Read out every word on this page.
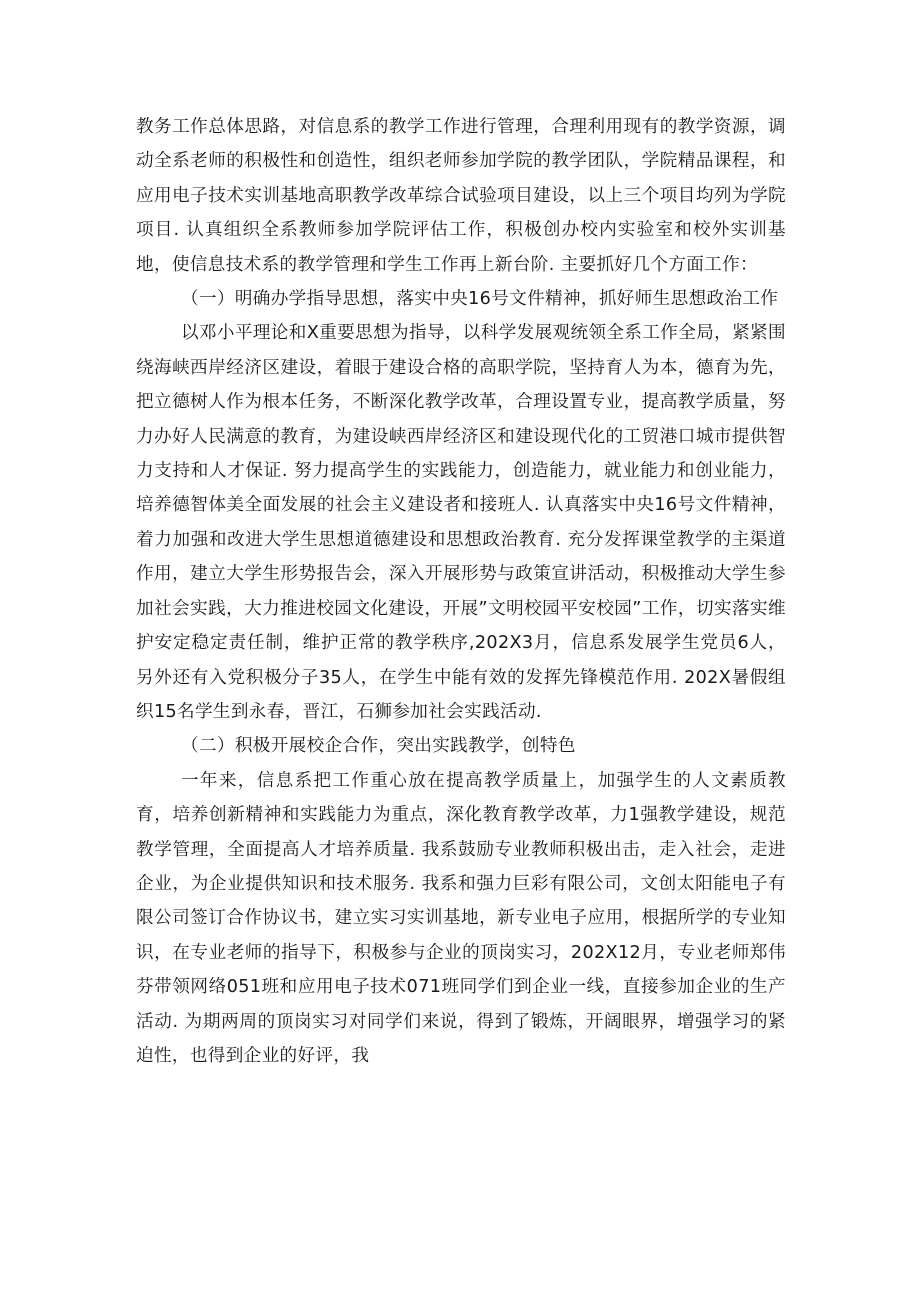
教务工作总体思路，对信息系的教学工作进行管理，合理利用现有的教学资源，调动全系老师的积极性和创造性，组织老师参加学院的教学团队，学院精品课程，和应用电子技术实训基地高职教学改革综合试验项目建设，以上三个项目均列为学院项目. 认真组织全系教师参加学院评估工作，积极创办校内实验室和校外实训基地，使信息技术系的教学管理和学生工作再上新台阶. 主要抓好几个方面工作：

（一）明确办学指导思想，落实中央16号文件精神，抓好师生思想政治工作

以邓小平理论和X重要思想为指导，以科学发展观统领全系工作全局，紧紧围绕海峡西岸经济区建设，着眼于建设合格的高职学院，坚持育人为本，德育为先，把立德树人作为根本任务，不断深化教学改革，合理设置专业，提高教学质量，努力办好人民满意的教育，为建设峡西岸经济区和建设现代化的工贸港口城市提供智力支持和人才保证. 努力提高学生的实践能力，创造能力，就业能力和创业能力，培养德智体美全面发展的社会主义建设者和接班人. 认真落实中央16号文件精神，着力加强和改进大学生思想道德建设和思想政治教育. 充分发挥课堂教学的主渠道作用，建立大学生形势报告会，深入开展形势与政策宣讲活动，积极推动大学生参加社会实践，大力推进校园文化建设，开展”文明校园平安校园”工作，切实落实维护安定稳定责任制，维护正常的教学秩序,202X3月，信息系发展学生党员6人，另外还有入党积极分子35人，在学生中能有效的发挥先锋模范作用. 202X暑假组织15名学生到永春，晋江，石狮参加社会实践活动.

（二）积极开展校企合作，突出实践教学，创特色

一年来，信息系把工作重心放在提高教学质量上，加强学生的人文素质教育，培养创新精神和实践能力为重点，深化教育教学改革，力1强教学建设，规范教学管理，全面提高人才培养质量. 我系鼓励专业教师积极出击，走入社会，走进企业，为企业提供知识和技术服务. 我系和强力巨彩有限公司，文创太阳能电子有限公司签订合作协议书，建立实习实训基地，新专业电子应用，根据所学的专业知识，在专业老师的指导下，积极参与企业的顶岗实习，202X12月，专业老师郑伟芬带领网络051班和应用电子技术071班同学们到企业一线，直接参加企业的生产活动. 为期两周的顶岗实习对同学们来说，得到了锻炼，开阔眼界，增强学习的紧迫性，也得到企业的好评，我
